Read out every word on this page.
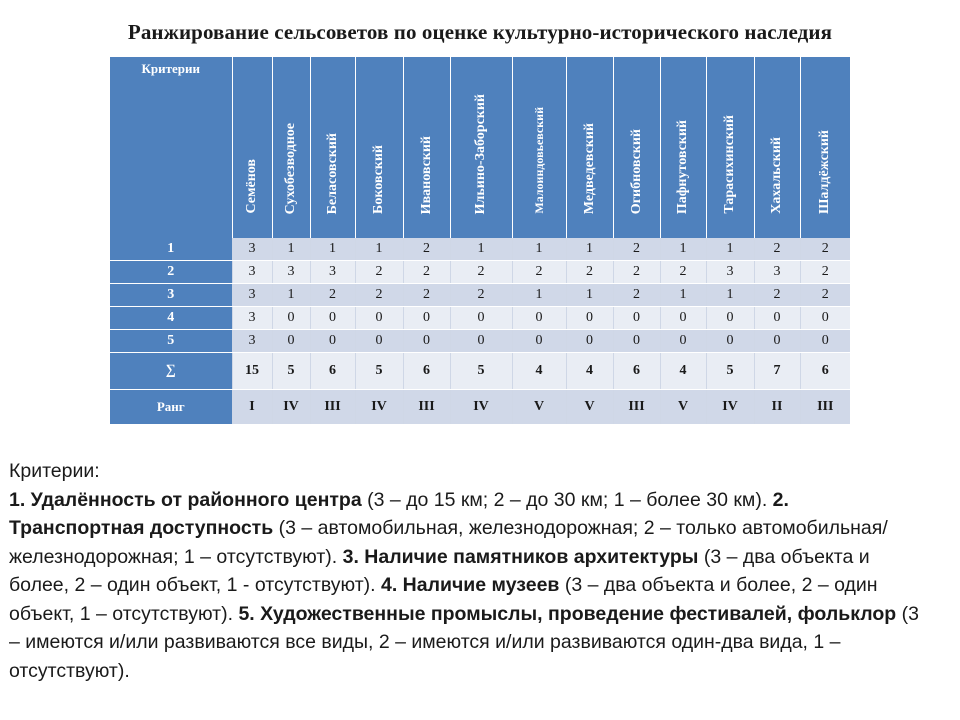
Ранжирование сельсоветов по оценке культурно-исторического наследия
Критерии	Семёнов	Сухобезводное	Беласовский	Боковский	Ивановский	Ильино-Заборский	Малоиндовьевский	Медведевский	Огибновский	Пафнутовский	Тарасихинский	Хахальский	Шалдёжский

1	3	1	1	1	2	1	1	1	2	1	1	2	2
2	3	3	3	2	2	2	2	2	2	2	3	3	2
3	3	1	2	2	2	2	1	1	2	1	1	2	2
4	3	0	0	0	0	0	0	0	0	0	0	0	0
5	3	0	0	0	0	0	0	0	0	0	0	0	0
∑	15	5	6	5	6	5	4	4	6	4	5	7	6
Ранг	I	IV	III	IV	III	IV	V	V	III	V	IV	II	III
Критерии:
1. Удалённость от районного центра (3 – до 15 км; 2 – до 30 км; 1 – более 30 км). 2. Транспортная доступность (3 – автомобильная, железнодорожная; 2 – только автомобильная/железнодорожная; 1 – отсутствуют). 3. Наличие памятников архитектуры (3 – два объекта и более, 2 – один объект, 1 - отсутствуют). 4. Наличие музеев (3 – два объекта и более, 2 – один объект, 1 – отсутствуют). 5. Художественные промыслы, проведение фестивалей, фольклор (3 – имеются и/или развиваются все виды, 2 – имеются и/или развиваются один-два вида, 1 – отсутствуют).
